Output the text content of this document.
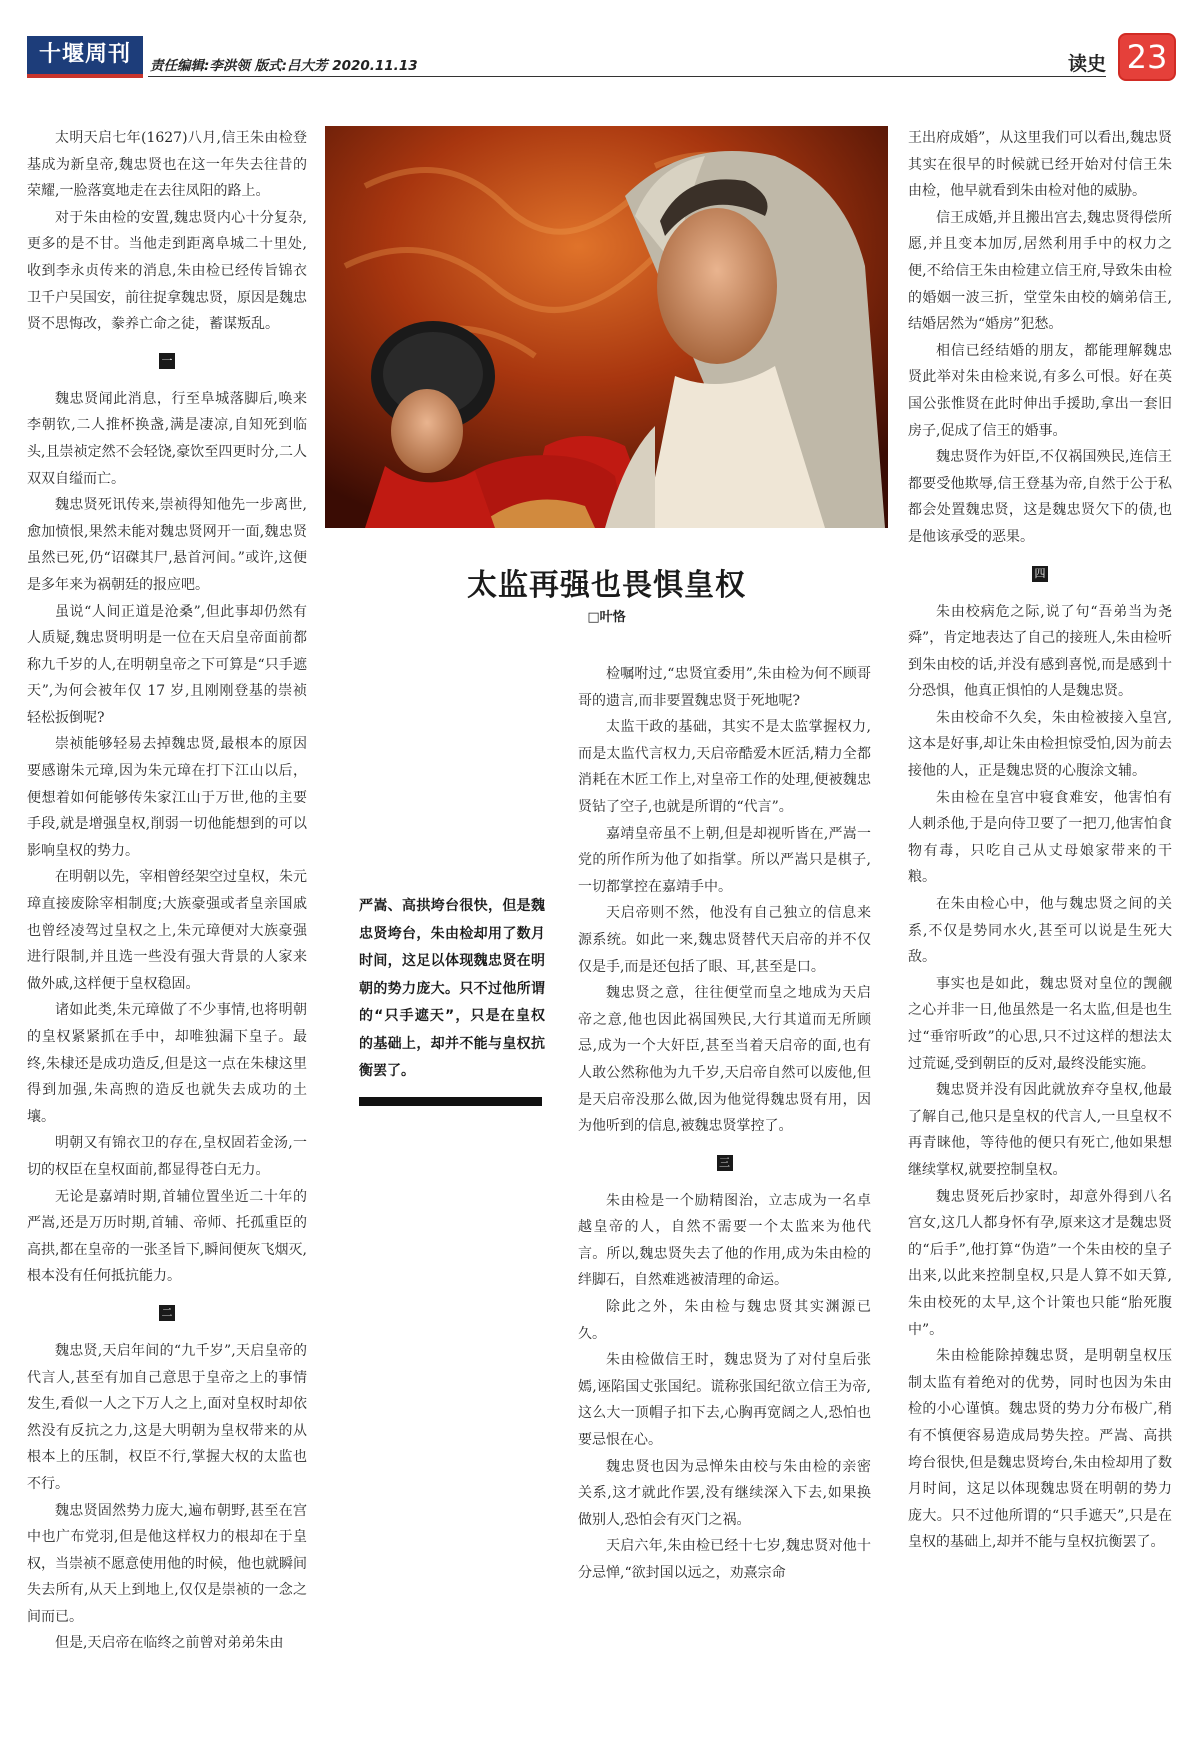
十堰周刊	责任编辑:李洪领 版式:吕大芳 2020.11.13	读史 23

太明天启七年(1627)八月,信王朱由检登基成为新皇帝,魏忠贤也在这一年失去往昔的荣耀,一脸落寞地走在去往凤阳的路上。

对于朱由检的安置,魏忠贤内心十分复杂,更多的是不甘。当他走到距离阜城二十里处,收到李永贞传来的消息,朱由检已经传旨锦衣卫千户吴国安，前往捉拿魏忠贤，原因是魏忠贤不思悔改，豢养亡命之徒，蓄谋叛乱。

一

魏忠贤闻此消息，行至阜城落脚后,唤来李朝钦,二人推杯换盏,满是凄凉,自知死到临头,且崇祯定然不会轻饶,豪饮至四更时分,二人双双自缢而亡。

魏忠贤死讯传来,崇祯得知他先一步离世,愈加愤恨,果然未能对魏忠贤网开一面,魏忠贤虽然已死,仍“诏磔其尸,悬首河间。”或许,这便是多年来为祸朝廷的报应吧。

虽说“人间正道是沧桑”,但此事却仍然有人质疑,魏忠贤明明是一位在天启皇帝面前都称九千岁的人,在明朝皇帝之下可算是“只手遮天”,为何会被年仅 17 岁,且刚刚登基的崇祯轻松扳倒呢?

崇祯能够轻易去掉魏忠贤,最根本的原因要感谢朱元璋,因为朱元璋在打下江山以后，便想着如何能够传朱家江山于万世,他的主要手段,就是增强皇权,削弱一切他能想到的可以影响皇权的势力。

在明朝以先，宰相曾经架空过皇权，朱元璋直接废除宰相制度;大族豪强或者皇亲国戚也曾经凌驾过皇权之上,朱元璋便对大族豪强进行限制,并且选一些没有强大背景的人家来做外戚,这样便于皇权稳固。

诸如此类,朱元璋做了不少事情,也将明朝的皇权紧紧抓在手中，却唯独漏下皇子。最终,朱棣还是成功造反,但是这一点在朱棣这里得到加强,朱高煦的造反也就失去成功的土壤。

明朝又有锦衣卫的存在,皇权固若金汤,一切的权臣在皇权面前,都显得苍白无力。

无论是嘉靖时期,首辅位置坐近二十年的严嵩,还是万历时期,首辅、帝师、托孤重臣的高拱,都在皇帝的一张圣旨下,瞬间便灰飞烟灭,根本没有任何抵抗能力。

二

魏忠贤,天启年间的“九千岁”,天启皇帝的代言人,甚至有加自己意思于皇帝之上的事情发生,看似一人之下万人之上,面对皇权时却依然没有反抗之力,这是大明朝为皇权带来的从根本上的压制，权臣不行,掌握大权的太监也不行。

魏忠贤固然势力庞大,遍布朝野,甚至在宫中也广布党羽,但是他这样权力的根却在于皇权，当崇祯不愿意使用他的时候，他也就瞬间失去所有,从天上到地上,仅仅是崇祯的一念之间而已。

但是,天启帝在临终之前曾对弟弟朱由

太监再强也畏惧皇权
□叶恪
严嵩、高拱垮台很快，但是魏忠贤垮台，朱由检却用了数月时间，这足以体现魏忠贤在明朝的势力庞大。只不过他所谓的“只手遮天”，只是在皇权的基础上，却并不能与皇权抗衡罢了。

检嘱咐过,“忠贤宜委用”,朱由检为何不顾哥哥的遗言,而非要置魏忠贤于死地呢?

太监干政的基础，其实不是太监掌握权力,而是太监代言权力,天启帝酷爱木匠活,精力全都消耗在木匠工作上,对皇帝工作的处理,便被魏忠贤钻了空子,也就是所谓的“代言”。

嘉靖皇帝虽不上朝,但是却视听皆在,严嵩一党的所作所为他了如指掌。所以严嵩只是棋子,一切都掌控在嘉靖手中。

天启帝则不然，他没有自己独立的信息来源系统。如此一来,魏忠贤替代天启帝的并不仅仅是手,而是还包括了眼、耳,甚至是口。

魏忠贤之意，往往便堂而皇之地成为天启帝之意,他也因此祸国殃民,大行其道而无所顾忌,成为一个大奸臣,甚至当着天启帝的面,也有人敢公然称他为九千岁,天启帝自然可以废他,但是天启帝没那么做,因为他觉得魏忠贤有用，因为他听到的信息,被魏忠贤掌控了。

三

朱由检是一个励精图治，立志成为一名卓越皇帝的人，自然不需要一个太监来为他代言。所以,魏忠贤失去了他的作用,成为朱由检的绊脚石，自然难逃被清理的命运。

除此之外，朱由检与魏忠贤其实渊源已久。

朱由检做信王时，魏忠贤为了对付皇后张嫣,诬陷国丈张国纪。谎称张国纪欲立信王为帝,这么大一顶帽子扣下去,心胸再宽阔之人,恐怕也要忌恨在心。

魏忠贤也因为忌惮朱由校与朱由检的亲密关系,这才就此作罢,没有继续深入下去,如果换做别人,恐怕会有灭门之祸。

天启六年,朱由检已经十七岁,魏忠贤对他十分忌惮,“欲封国以远之，劝熹宗命

王出府成婚”，从这里我们可以看出,魏忠贤其实在很早的时候就已经开始对付信王朱由检，他早就看到朱由检对他的威胁。

信王成婚,并且搬出宫去,魏忠贤得偿所愿,并且变本加厉,居然利用手中的权力之便,不给信王朱由检建立信王府,导致朱由检的婚姻一波三折，堂堂朱由校的嫡弟信王,结婚居然为“婚房”犯愁。

相信已经结婚的朋友，都能理解魏忠贤此举对朱由检来说,有多么可恨。好在英国公张惟贤在此时伸出手援助,拿出一套旧房子,促成了信王的婚事。

魏忠贤作为奸臣,不仅祸国殃民,连信王都要受他欺辱,信王登基为帝,自然于公于私都会处置魏忠贤，这是魏忠贤欠下的债,也是他该承受的恶果。

四

朱由校病危之际,说了句“吾弟当为尧舜”，肯定地表达了自己的接班人,朱由检听到朱由校的话,并没有感到喜悦,而是感到十分恐惧，他真正惧怕的人是魏忠贤。

朱由校命不久矣，朱由检被接入皇宫,这本是好事,却让朱由检担惊受怕,因为前去接他的人，正是魏忠贤的心腹涂文辅。

朱由检在皇宫中寝食难安，他害怕有人刺杀他,于是向侍卫要了一把刀,他害怕食物有毒，只吃自己从丈母娘家带来的干粮。

在朱由检心中，他与魏忠贤之间的关系,不仅是势同水火,甚至可以说是生死大敌。

事实也是如此，魏忠贤对皇位的觊觎之心并非一日,他虽然是一名太监,但是也生过“垂帘听政”的心思,只不过这样的想法太过荒诞,受到朝臣的反对,最终没能实施。

魏忠贤并没有因此就放弃夺皇权,他最了解自己,他只是皇权的代言人,一旦皇权不再青睐他，等待他的便只有死亡,他如果想继续掌权,就要控制皇权。

魏忠贤死后抄家时，却意外得到八名宫女,这几人都身怀有孕,原来这才是魏忠贤的“后手”,他打算“伪造”一个朱由校的皇子出来,以此来控制皇权,只是人算不如天算,朱由校死的太早,这个计策也只能“胎死腹中”。

朱由检能除掉魏忠贤，是明朝皇权压制太监有着绝对的优势，同时也因为朱由检的小心谨慎。魏忠贤的势力分布极广,稍有不慎便容易造成局势失控。严嵩、高拱垮台很快,但是魏忠贤垮台,朱由检却用了数月时间，这足以体现魏忠贤在明朝的势力庞大。只不过他所谓的“只手遮天”,只是在皇权的基础上,却并不能与皇权抗衡罢了。
